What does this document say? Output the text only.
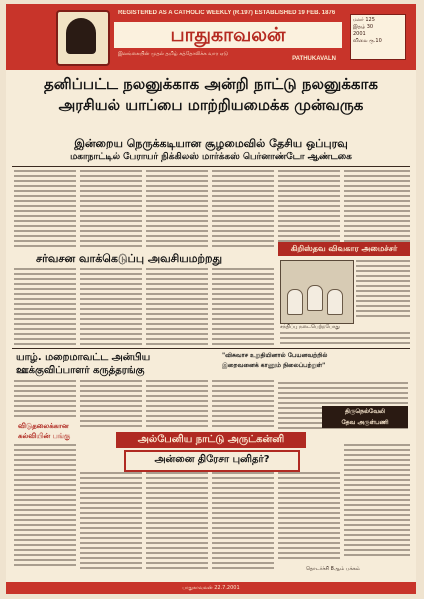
REGISTERED AS A CATHOLIC WEEKLY (R.197) ESTABLISHED 19 FEB. 1876
பாதுகாவலன்
இலங்கையின் முதல் தமிழ் கத்தோலிக்க வார ஏடு
PATHUKAVALN
மலர் 125
இதழ் 30
2001
விலை ரூ.10
தனிப்பட்ட நலனுக்காக அன்றி நாட்டு நலனுக்காக
அரசியல் யாப்பை மாற்றியமைக்க முன்வருக
இன்றைய நெருக்கடியான சூழமைவில் தேசிய ஒப்புரவு
மகாநாட்டில் பேராயர் நிக்கிலஸ் மார்க்கஸ் பெர்னாண்டோ ஆண்டகை
சர்வசன வாக்கெடுப்பு அவசியமற்றது
கிறிஸ்தவ விவகார அமைச்சர்
சந்திப்பு நடைபெற்றபோது
யாழ். மறைமாவட்ட அன்பிய
ஊக்குவிப்பாளர் கருத்தரங்கு
விடுதலைக்கான
கல்வியின் பங்கு
"விசுவாச உறுதியினால் பேயனவற்றில்
இறைவனைக் காணும் நிலைப்பற்றுள்"
திருநெல்வேலி
தேவ அருள்பணி
அல்பேனிய நாட்டு அருட்கன்னி
அன்னை திரேசா புனிதர்?
தொடர்ச்சி 8ஆம் பக்கம்
பாதுகாவலன் 22.7.2001
